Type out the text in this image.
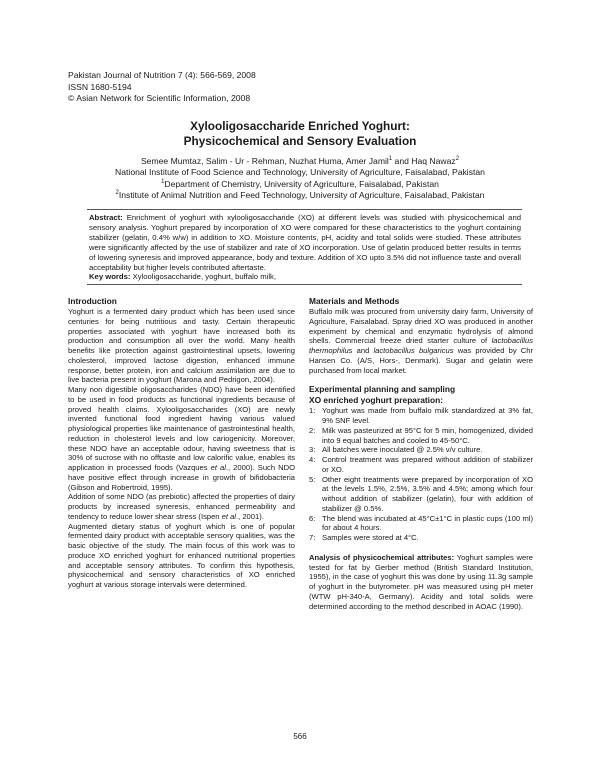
Pakistan Journal of Nutrition 7 (4): 566-569, 2008
ISSN 1680-5194
© Asian Network for Scientific Information, 2008
Xylooligosaccharide Enriched Yoghurt:
Physicochemical and Sensory Evaluation
Semee Mumtaz, Salim - Ur - Rehman, Nuzhat Huma, Amer Jamil$^1$ and Haq Nawaz$^2$
National Institute of Food Science and Technology, University of Agriculture, Faisalabad, Pakistan
$^1$Department of Chemistry, University of Agriculture, Faisalabad, Pakistan
$^2$Institute of Animal Nutrition and Feed Technology, University of Agriculture, Faisalabad, Pakistan
Abstract: Enrichment of yoghurt with xylooligosaccharide (XO) at different levels was studied with physicochemical and sensory analysis. Yoghurt prepared by incorporation of XO were compared for these characteristics to the yoghurt containing stabilizer (gelatin, 0.4% w/w) in addition to XO. Moisture contents, pH, acidity and total solids were studied. These attributes were significantly affected by the use of stabilizer and rate of XO incorporation. Use of gelatin produced better results in terms of lowering syneresis and improved appearance, body and texture. Addition of XO upto 3.5% did not influence taste and overall acceptability but higher levels contributed aftertaste.
Key words: Xylooligosaccharide, yoghurt, buffalo milk,
Introduction

Yoghurt is a fermented dairy product which has been used since centuries for being nutritious and tasty. Certain therapeutic properties associated with yoghurt have increased both its production and consumption all over the world. Many health benefits like protection against gastrointestinal upsets, lowering cholesterol, improved lactose digestion, enhanced immune response, better protein, iron and calcium assimilation are due to live bacteria present in yoghurt (Marona and Pedrigon, 2004).

Many non digestible oligosaccharides (NDO) have been identified to be used in food products as functional ingredients because of proved health claims. Xylooligosaccharides (XO) are newly invented functional food ingredient having various valued physiological properties like maintenance of gastrointestinal health, reduction in cholesterol levels and low cariogenicity. Moreover, these NDO have an acceptable odour, having sweetness that is 30% of sucrose with no offtaste and low calorific value, enables its application in processed foods (Vazques et al., 2000). Such NDO have positive effect through increase in growth of bifidobacteria (Gibson and Robertroid, 1995).

Addition of some NDO (as prebiotic) affected the properties of dairy products by increased syneresis, enhanced permeability and tendency to reduce lower shear stress (Ispen et al., 2001).

Augmented dietary status of yoghurt which is one of popular fermented dairy product with acceptable sensory qualities, was the basic objective of the study. The main focus of this work was to produce XO enriched yoghurt for enhanced nutritional properties and acceptable sensory attributes. To confirm this hypothesis, physicochemical and sensory characteristics of XO enriched yoghurt at various storage intervals were determined.

Materials and Methods

Buffalo milk was procured from university dairy farm, University of Agriculture, Faisalabad. Spray dried XO was produced in another experiment by chemical and enzymatic hydrolysis of almond shells. Commercial freeze dried starter culture of lactobacillus thermophilus and lactobacillus bulgaricus was provided by Chr Hansen Co. (A/S, Hors-, Denmark). Sugar and gelatin were purchased from local market.

Experimental planning and sampling
XO enriched yoghurt preparation:
1: Yoghurt was made from buffalo milk standardized at 3% fat, 9% SNF level.
2: Milk was pasteurized at 95°C for 5 min, homogenized, divided into 9 equal batches and cooled to 45-50°C.
3: All batches were inoculated @ 2.5% v/v culture.
4: Control treatment was prepared without addition of stabilizer or XO.
5: Other eight treatments were prepared by incorporation of XO at the levels 1.5%, 2.5%, 3.5% and 4.5%; among which four without addition of stabilizer (gelatin), four with addition of stabilizer @ 0.5%.
6: The blend was incubated at 45°C±1°C in plastic cups (100 ml) for about 4 hours.
7: Samples were stored at 4°C.

Analysis of physicochemical attributes: Yoghurt samples were tested for fat by Gerber method (British Standard Institution, 1955), in the case of yoghurt this was done by using 11.3g sample of yoghurt in the butyrometer. pH was measured using pH meter (WTW pH-340-A, Germany). Acidity and total solids were determined according to the method described in AOAC (1990).

566
